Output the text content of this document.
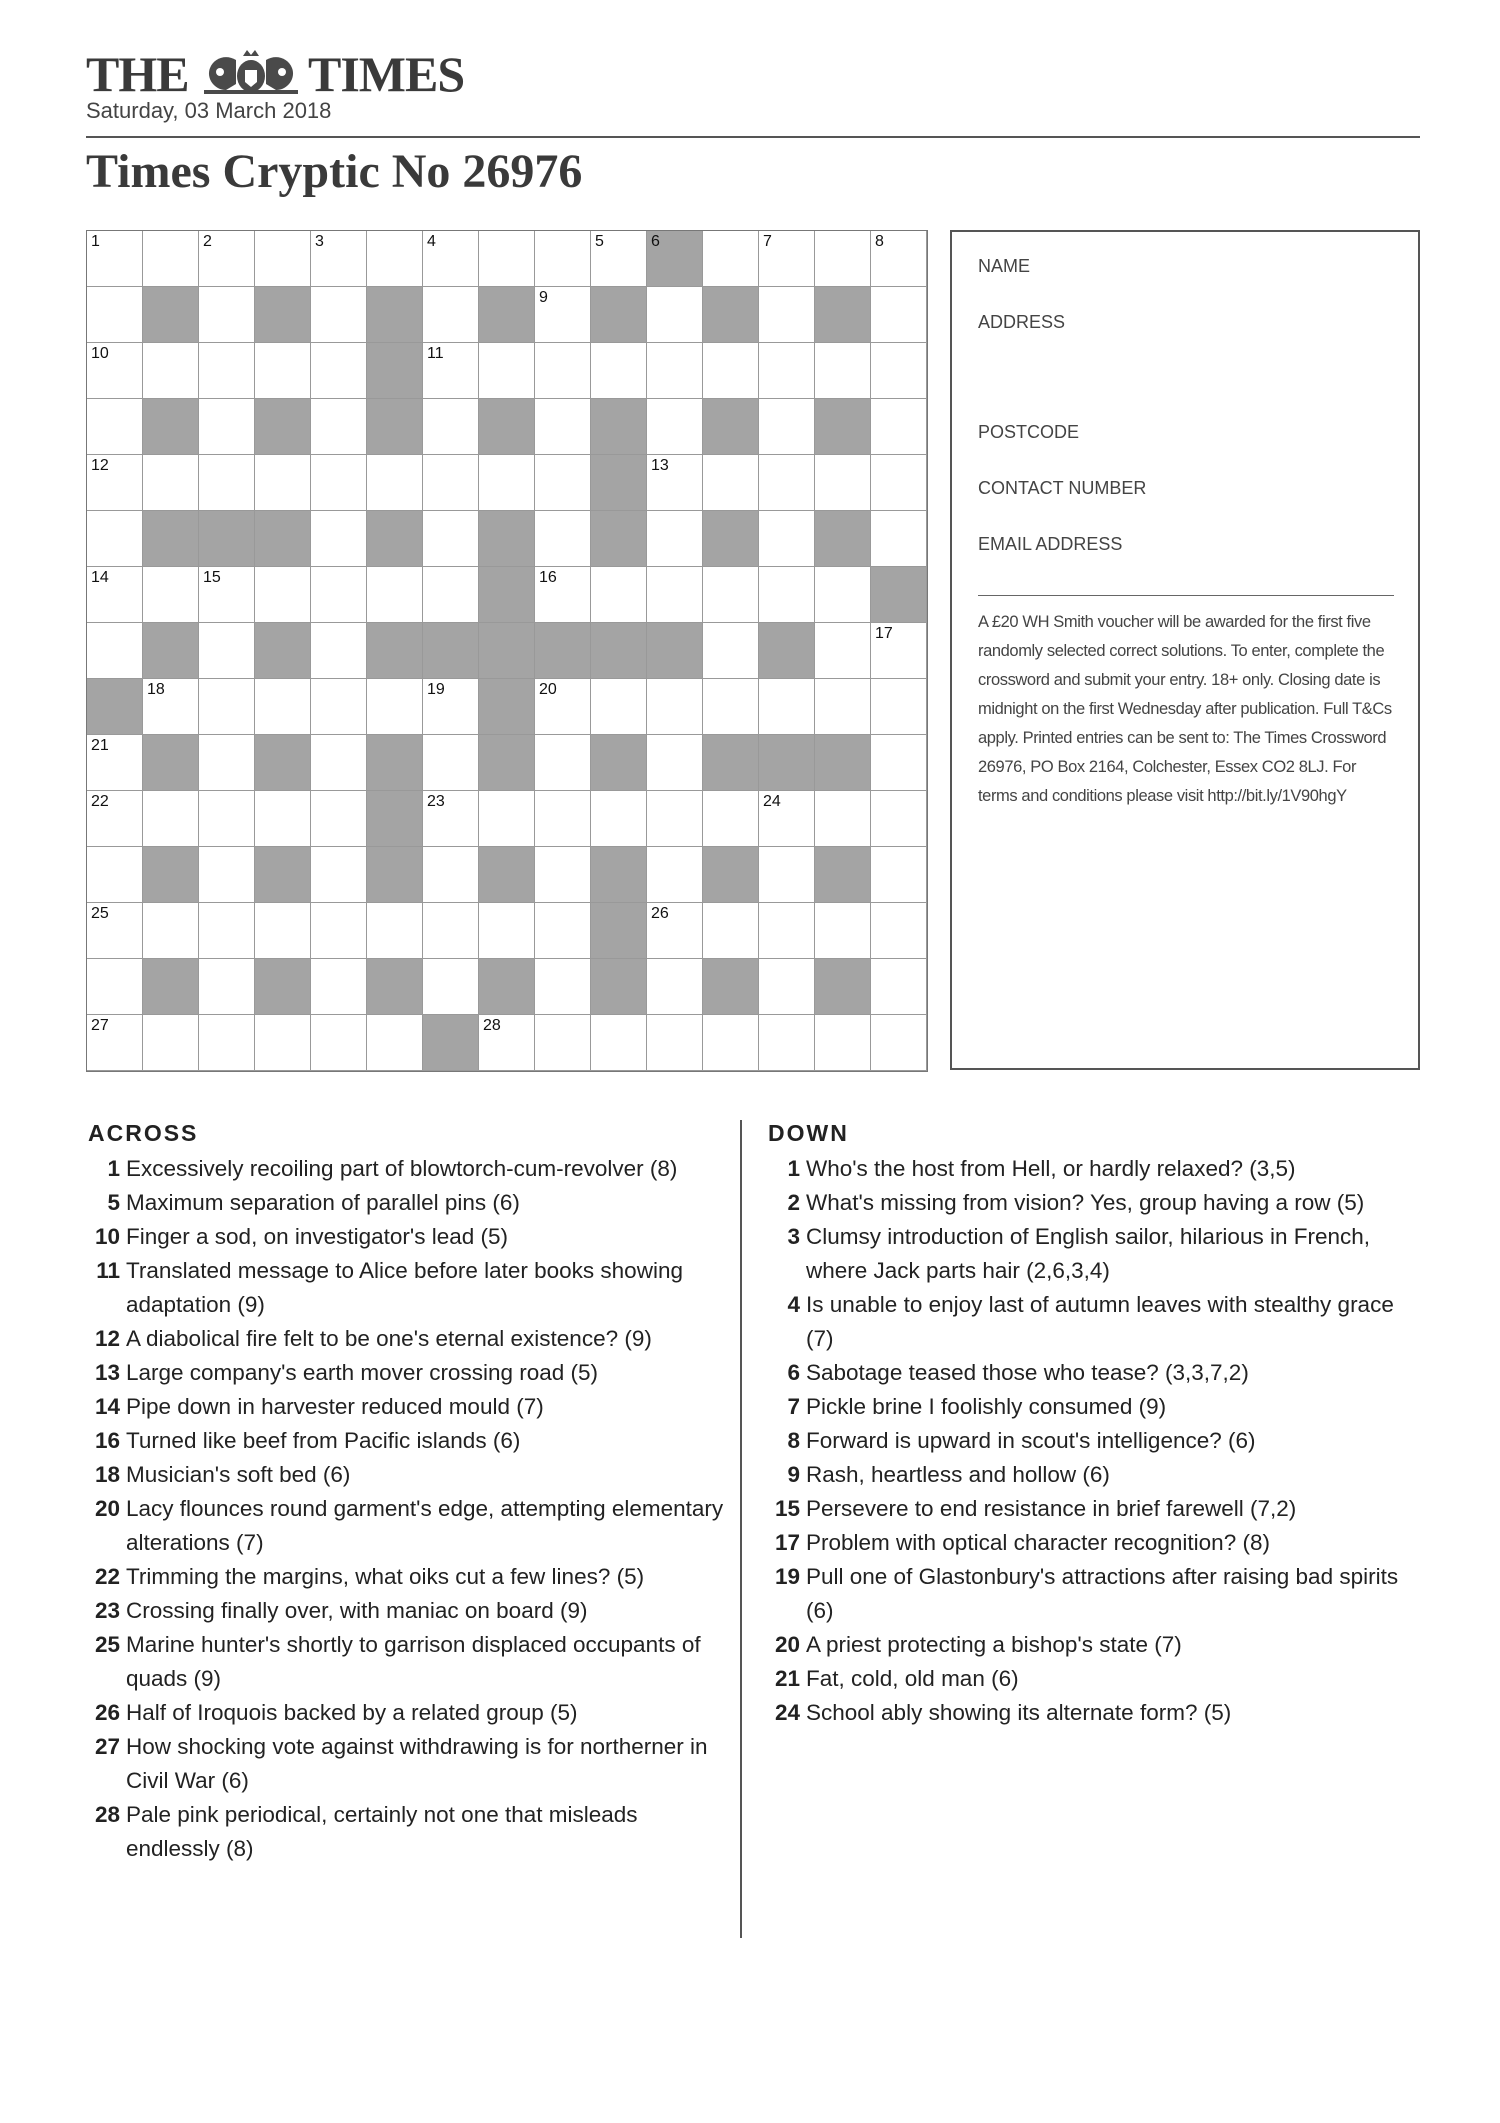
THE TIMES
Saturday, 03 March 2018
Times Cryptic No 26976
1	2	3	4	5	6	7	8
9
10	11
12	13
14	15	16
17
18	19	20
21
22	23	24
25	26
27	28
NAME
ADDRESS
POSTCODE
CONTACT NUMBER
EMAIL ADDRESS
A £20 WH Smith voucher will be awarded for the first five randomly selected correct solutions. To enter, complete the crossword and submit your entry. 18+ only. Closing date is midnight on the first Wednesday after publication. Full T&Cs apply. Printed entries can be sent to: The Times Crossword 26976, PO Box 2164, Colchester, Essex CO2 8LJ. For terms and conditions please visit http://bit.ly/1V90hgY
ACROSS
1 Excessively recoiling part of blowtorch-cum-revolver (8)
5 Maximum separation of parallel pins (6)
10 Finger a sod, on investigator's lead (5)
11 Translated message to Alice before later books showing adaptation (9)
12 A diabolical fire felt to be one's eternal existence? (9)
13 Large company's earth mover crossing road (5)
14 Pipe down in harvester reduced mould (7)
16 Turned like beef from Pacific islands (6)
18 Musician's soft bed (6)
20 Lacy flounces round garment's edge, attempting elementary alterations (7)
22 Trimming the margins, what oiks cut a few lines? (5)
23 Crossing finally over, with maniac on board (9)
25 Marine hunter's shortly to garrison displaced occupants of quads (9)
26 Half of Iroquois backed by a related group (5)
27 How shocking vote against withdrawing is for northerner in Civil War (6)
28 Pale pink periodical, certainly not one that misleads endlessly (8)
DOWN
1 Who's the host from Hell, or hardly relaxed? (3,5)
2 What's missing from vision? Yes, group having a row (5)
3 Clumsy introduction of English sailor, hilarious in French, where Jack parts hair (2,6,3,4)
4 Is unable to enjoy last of autumn leaves with stealthy grace (7)
6 Sabotage teased those who tease? (3,3,7,2)
7 Pickle brine I foolishly consumed (9)
8 Forward is upward in scout's intelligence? (6)
9 Rash, heartless and hollow (6)
15 Persevere to end resistance in brief farewell (7,2)
17 Problem with optical character recognition? (8)
19 Pull one of Glastonbury's attractions after raising bad spirits (6)
20 A priest protecting a bishop's state (7)
21 Fat, cold, old man (6)
24 School ably showing its alternate form? (5)
